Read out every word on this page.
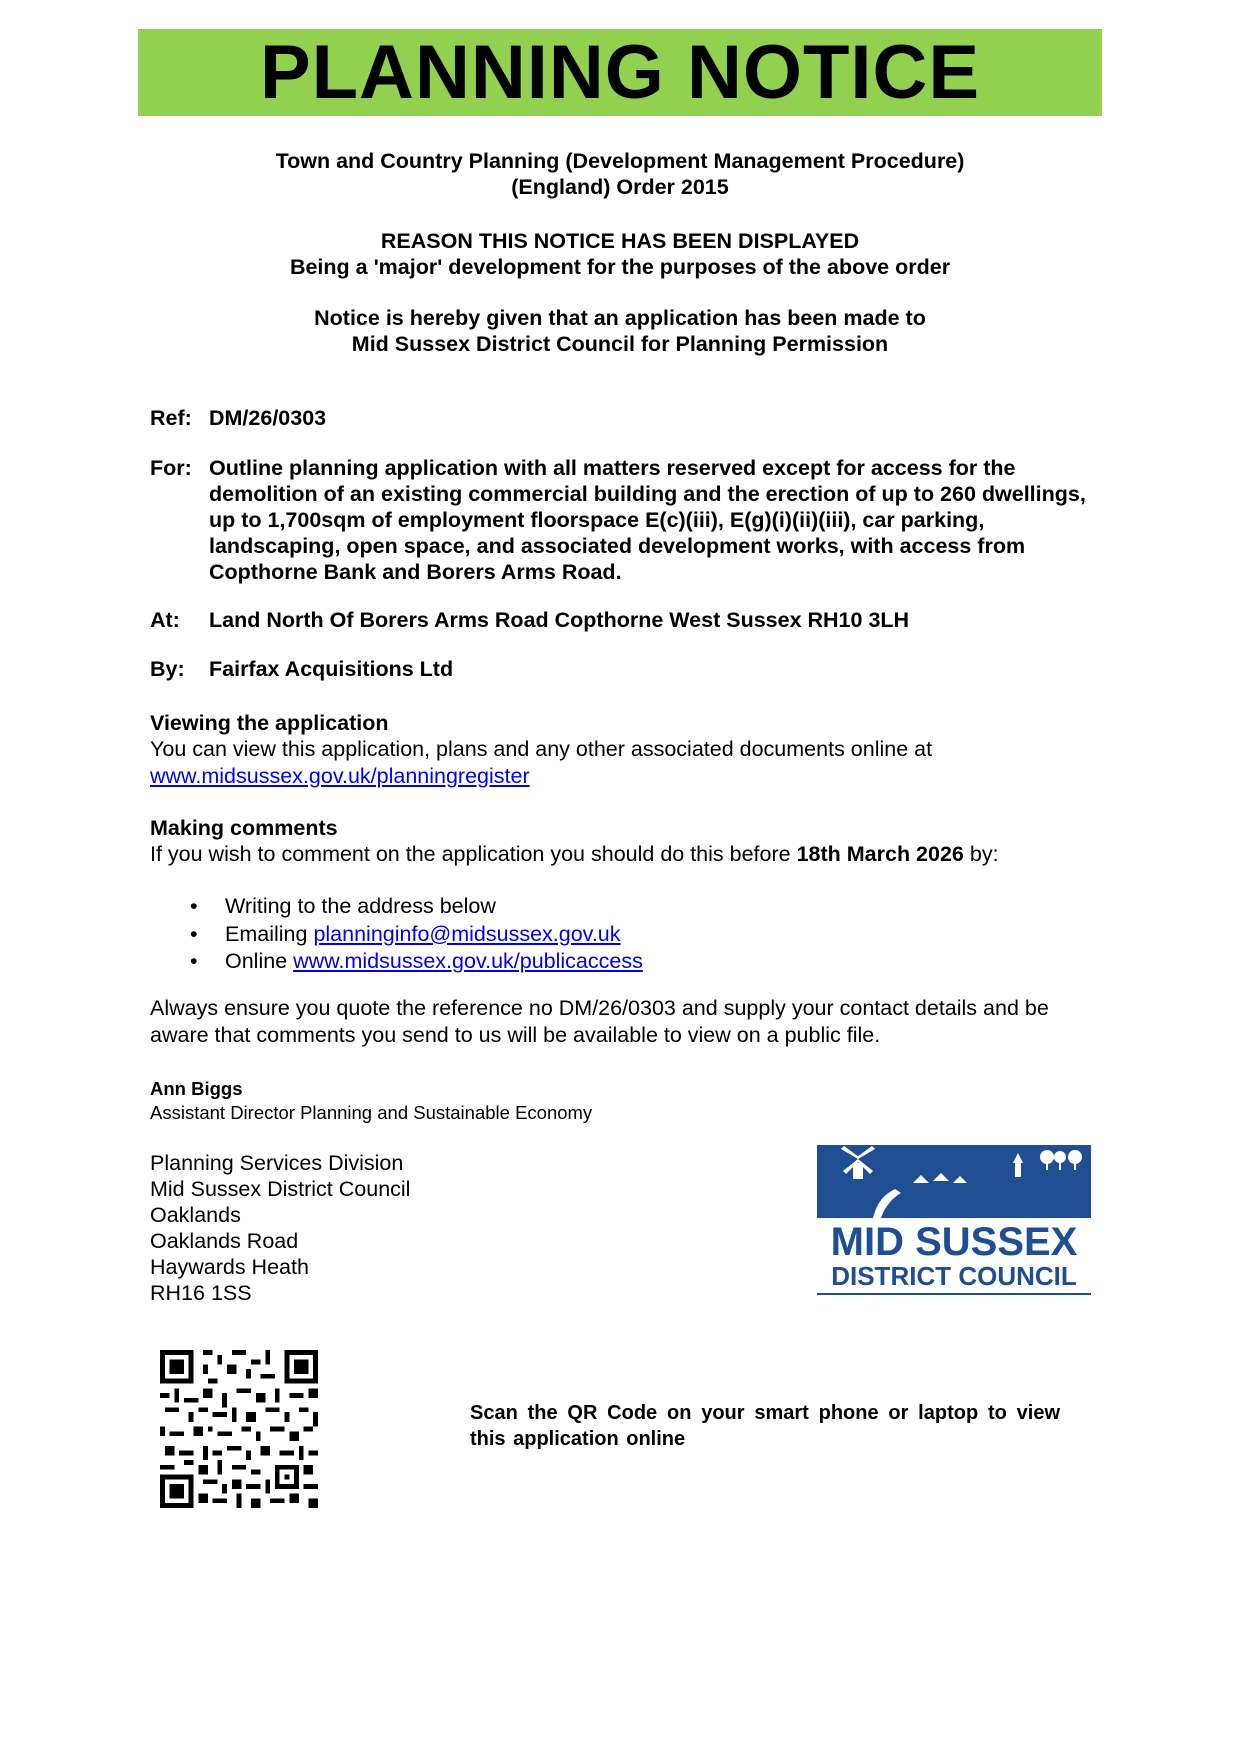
PLANNING NOTICE
Town and Country Planning (Development Management Procedure)
(England) Order 2015
REASON THIS NOTICE HAS BEEN DISPLAYED
Being a 'major' development for the purposes of the above order
Notice is hereby given that an application has been made to
Mid Sussex District Council for Planning Permission
Ref: DM/26/0303
For: Outline planning application with all matters reserved except for access for the demolition of an existing commercial building and the erection of up to 260 dwellings, up to 1,700sqm of employment floorspace E(c)(iii), E(g)(i)(ii)(iii), car parking, landscaping, open space, and associated development works, with access from Copthorne Bank and Borers Arms Road.
At:	Land North Of Borers Arms Road Copthorne West Sussex RH10 3LH
By:	Fairfax Acquisitions Ltd
Viewing the application
You can view this application, plans and any other associated documents online at
www.midsussex.gov.uk/planningregister
Making comments
If you wish to comment on the application you should do this before 18th March 2026 by:
•	Writing to the address below
•	Emailing planninginfo@midsussex.gov.uk
•	Online www.midsussex.gov.uk/publicaccess
Always ensure you quote the reference no DM/26/0303 and supply your contact details and be aware that comments you send to us will be available to view on a public file.
Ann Biggs
Assistant Director Planning and Sustainable Economy
Planning Services Division
Mid Sussex District Council
Oaklands
Oaklands Road
Haywards Heath
RH16 1SS
MID SUSSEX
DISTRICT COUNCIL
Scan the QR Code on your smart phone or laptop to view this application online
